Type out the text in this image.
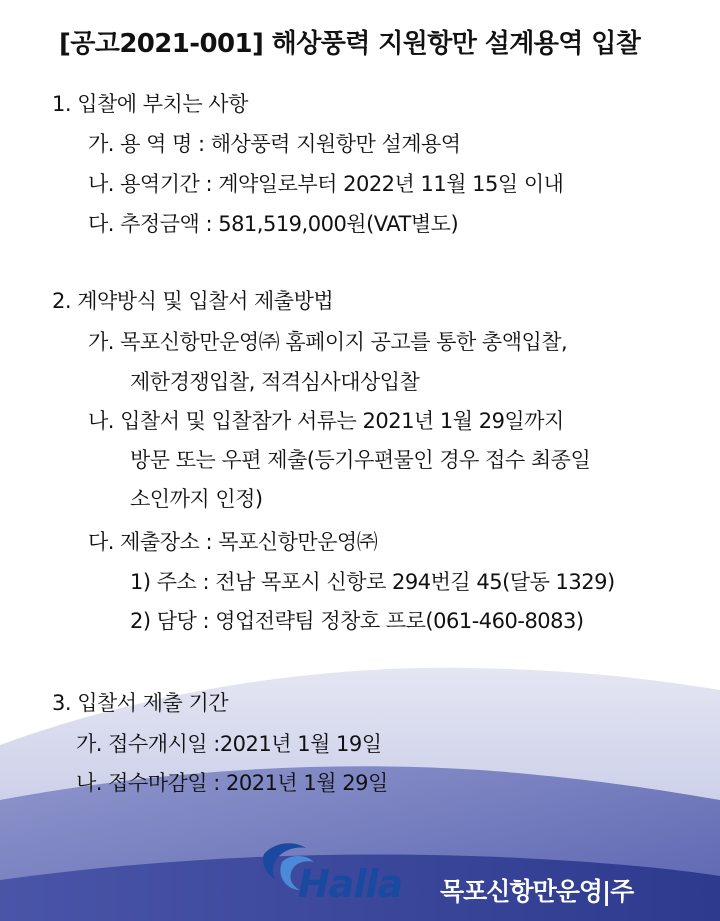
[공고2021-001] 해상풍력 지원항만 설계용역 입찰
1. 입찰에 부치는 사항
가. 용 역 명 : 해상풍력 지원항만 설계용역
나. 용역기간 : 계약일로부터 2022년 11월 15일 이내
다. 추정금액 : 581,519,000원(VAT별도)
2. 계약방식 및 입찰서 제출방법
가. 목포신항만운영㈜ 홈페이지 공고를 통한 총액입찰,
제한경쟁입찰, 적격심사대상입찰
나. 입찰서 및 입찰참가 서류는 2021년 1월 29일까지
방문 또는 우편 제출(등기우편물인 경우 접수 최종일
소인까지 인정)
다. 제출장소 : 목포신항만운영㈜
1) 주소 : 전남 목포시 신항로 294번길 45(달동 1329)
2) 담당 : 영업전략팀 정창호 프로(061-460-8083)
3. 입찰서 제출 기간
가. 접수개시일 :2021년 1월 19일
나. 접수마감일 : 2021년 1월 29일
Halla 목포신항만운영|주
